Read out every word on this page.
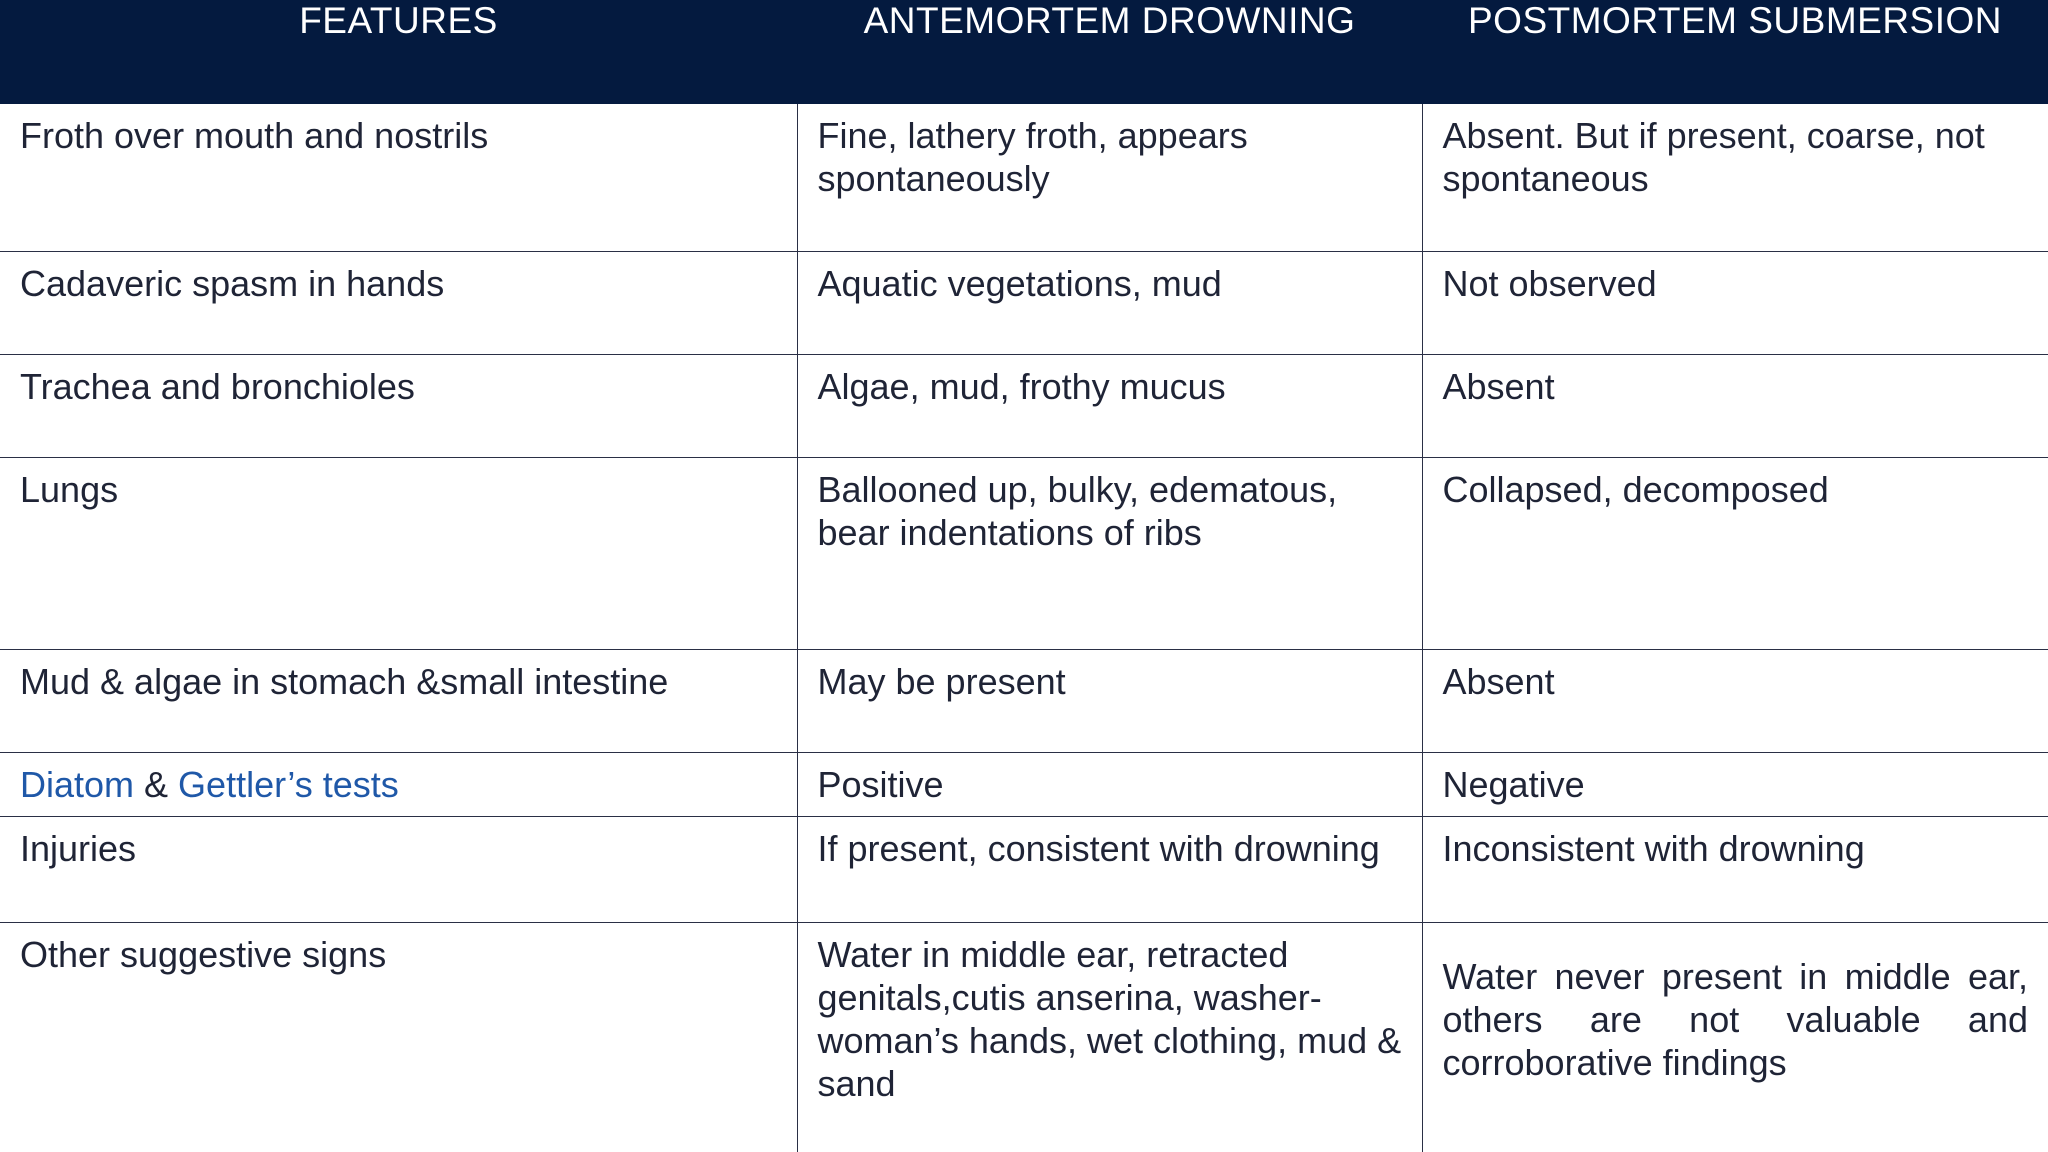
FEATURES	ANTEMORTEM DROWNING	POSTMORTEM SUBMERSION
Froth over mouth and nostrils	Fine, lathery froth, appears spontaneously	Absent. But if present, coarse, not spontaneous
Cadaveric spasm in hands	Aquatic vegetations, mud	Not observed
Trachea and bronchioles	Algae, mud, frothy mucus	Absent
Lungs	Ballooned up, bulky, edematous, bear indentations of ribs	Collapsed, decomposed
Mud & algae in stomach &small intestine	May be present	Absent
Diatom & Gettler’s tests	Positive	Negative
Injuries	If present, consistent with drowning	Inconsistent with drowning
Other suggestive signs	Water in middle ear, retracted genitals,cutis anserina, washer-woman’s hands, wet clothing, mud & sand	Water never present in middle ear, others are not valuable and corroborative findings
